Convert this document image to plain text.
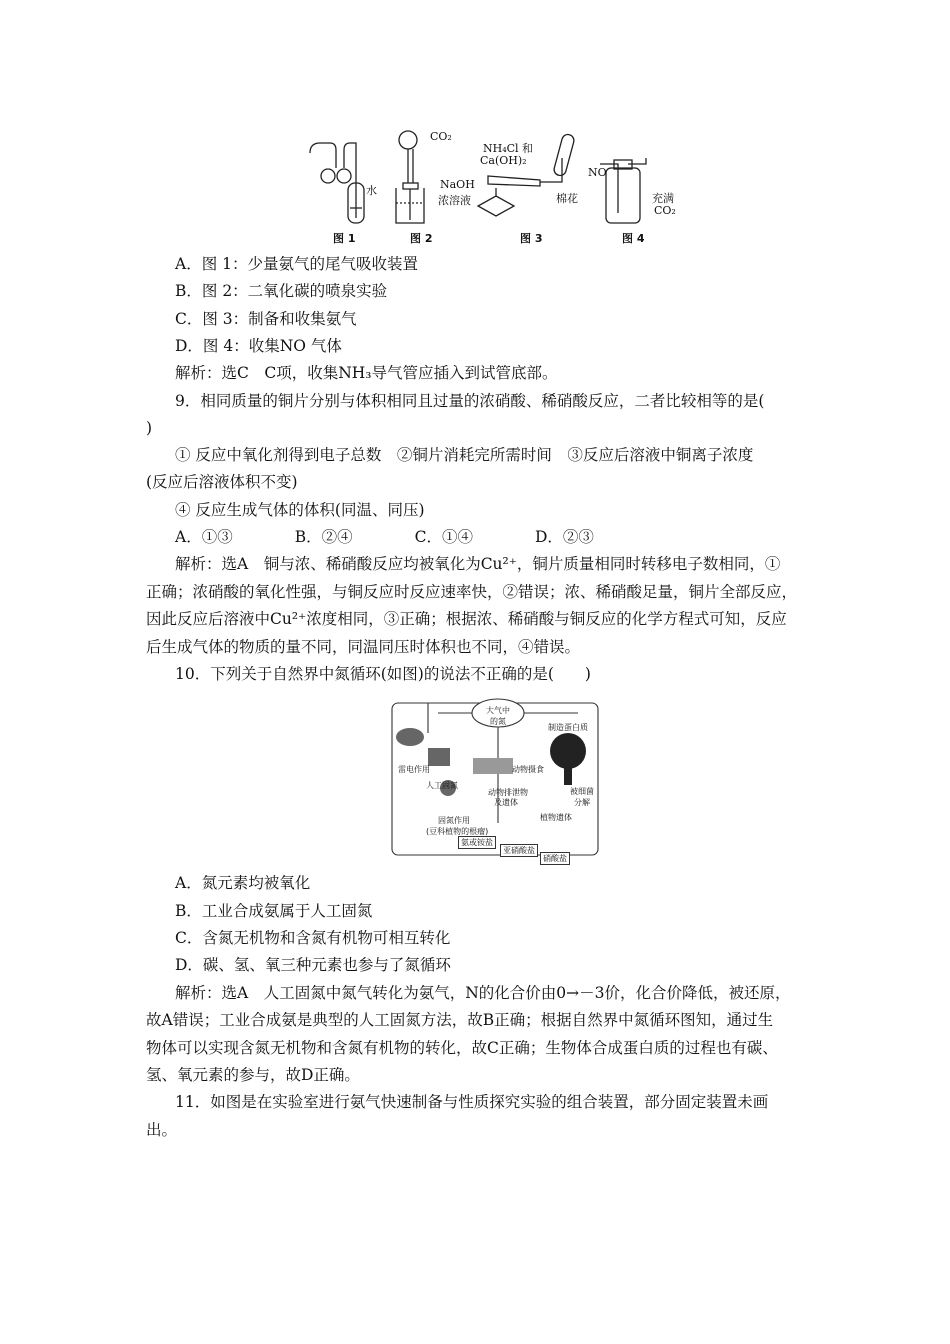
水
CO₂
NaOH
浓溶液
NH₄Cl 和
Ca(OH)₂
棉花
NO
充满
CO₂
图 1	图 2	图 3	图 4
A．图 1：少量氨气的尾气吸收装置
B．图 2：二氧化碳的喷泉实验
C．图 3：制备和收集氨气
D．图 4：收集NO 气体
解析：选C　C项，收集NH₃导气管应插入到试管底部。
9．相同质量的铜片分别与体积相同且过量的浓硝酸、稀硝酸反应，二者比较相等的是(
)
① 反应中氧化剂得到电子总数　②铜片消耗完所需时间　③反应后溶液中铜离子浓度
(反应后溶液体积不变)
④ 反应生成气体的体积(同温、同压)
A．①③　　　　B．②④　　　　C．①④　　　　D．②③
解析：选A　铜与浓、稀硝酸反应均被氧化为Cu²⁺，铜片质量相同时转移电子数相同，①
正确；浓硝酸的氧化性强，与铜反应时反应速率快，②错误；浓、稀硝酸足量，铜片全部反应，
因此反应后溶液中Cu²⁺浓度相同，③正确；根据浓、稀硝酸与铜反应的化学方程式可知，反应
后生成气体的物质的量不同，同温同压时体积也不同，④错误。
10．下列关于自然界中氮循环(如图)的说法不正确的是(　　)
大气中
的氮
制造蛋白质
雷电作用	动物摄食
人工固氮
动物排泄物
及遗体
被细菌
分解
植物遗体
固氮作用
(豆科植物的根瘤)
氨或铵盐
亚硝酸盐
硝酸盐
A．氮元素均被氧化
B．工业合成氨属于人工固氮
C．含氮无机物和含氮有机物可相互转化
D．碳、氢、氧三种元素也参与了氮循环
解析：选A　人工固氮中氮气转化为氨气，N的化合价由0→－3价，化合价降低，被还原，
故A错误；工业合成氨是典型的人工固氮方法，故B正确；根据自然界中氮循环图知，通过生
物体可以实现含氮无机物和含氮有机物的转化，故C正确；生物体合成蛋白质的过程也有碳、
氢、氧元素的参与，故D正确。
11．如图是在实验室进行氨气快速制备与性质探究实验的组合装置，部分固定装置未画
出。
